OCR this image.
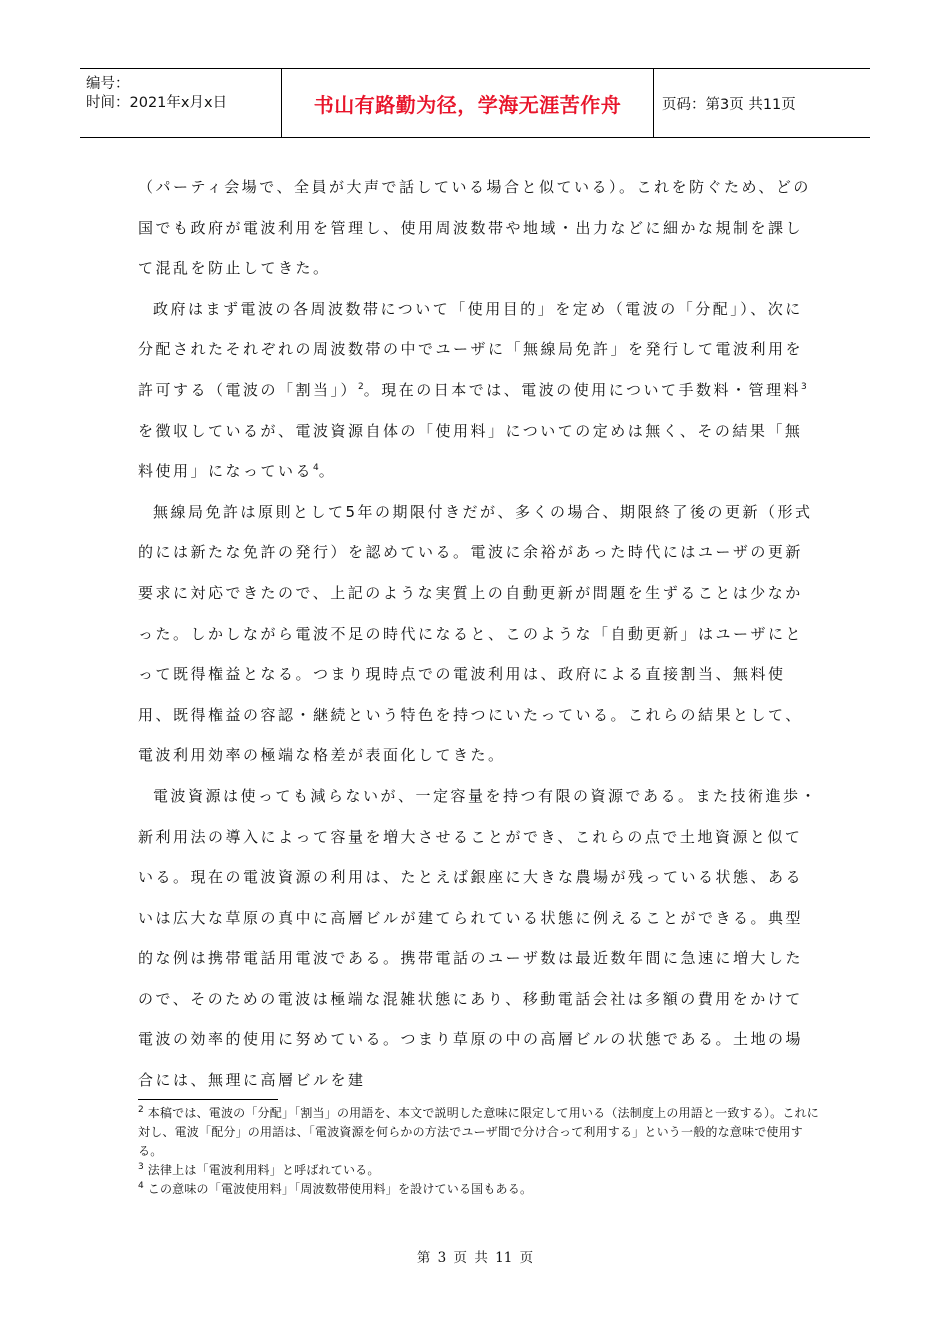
编号：
时间：2021年x月x日	书山有路勤为径，学海无涯苦作舟	页码：第3页 共11页

（パーティ会場で、全員が大声で話している場合と似ている）。これを防ぐため、どの国でも政府が電波利用を管理し、使用周波数帯や地域・出力などに細かな規制を課して混乱を防止してきた。

政府はまず電波の各周波数帯について「使用目的」を定め（電波の「分配」）、次に分配されたそれぞれの周波数帯の中でユーザに「無線局免許」を発行して電波利用を許可する（電波の「割当」）$^2$。現在の日本では、電波の使用について手数料・管理料$^3$を徴収しているが、電波資源自体の「使用料」についての定めは無く、その結果「無料使用」になっている$^4$。

無線局免許は原則として5年の期限付きだが、多くの場合、期限終了後の更新（形式的には新たな免許の発行）を認めている。電波に余裕があった時代にはユーザの更新要求に対応できたので、上記のような実質上の自動更新が問題を生ずることは少なかった。しかしながら電波不足の時代になると、このような「自動更新」はユーザにとって既得権益となる。つまり現時点での電波利用は、政府による直接割当、無料使用、既得権益の容認・継続という特色を持つにいたっている。これらの結果として、電波利用効率の極端な格差が表面化してきた。

電波資源は使っても減らないが、一定容量を持つ有限の資源である。また技術進歩・新利用法の導入によって容量を増大させることができ、これらの点で土地資源と似ている。現在の電波資源の利用は、たとえば銀座に大きな農場が残っている状態、あるいは広大な草原の真中に高層ビルが建てられている状態に例えることができる。典型的な例は携帯電話用電波である。携帯電話のユーザ数は最近数年間に急速に増大したので、そのための電波は極端な混雑状態にあり、移動電話会社は多額の費用をかけて電波の効率的使用に努めている。つまり草原の中の高層ビルの状態である。土地の場合には、無理に高層ビルを建

$^2$ 本稿では、電波の「分配」「割当」の用語を、本文で説明した意味に限定して用いる（法制度上の用語と一致する）。これに対し、電波「配分」の用語は、「電波資源を何らかの方法でユーザ間で分け合って利用する」という一般的な意味で使用する。

$^3$ 法律上は「電波利用料」と呼ばれている。

$^4$ この意味の「電波使用料」「周波数帯使用料」を設けている国もある。

第 3 页 共 11 页
